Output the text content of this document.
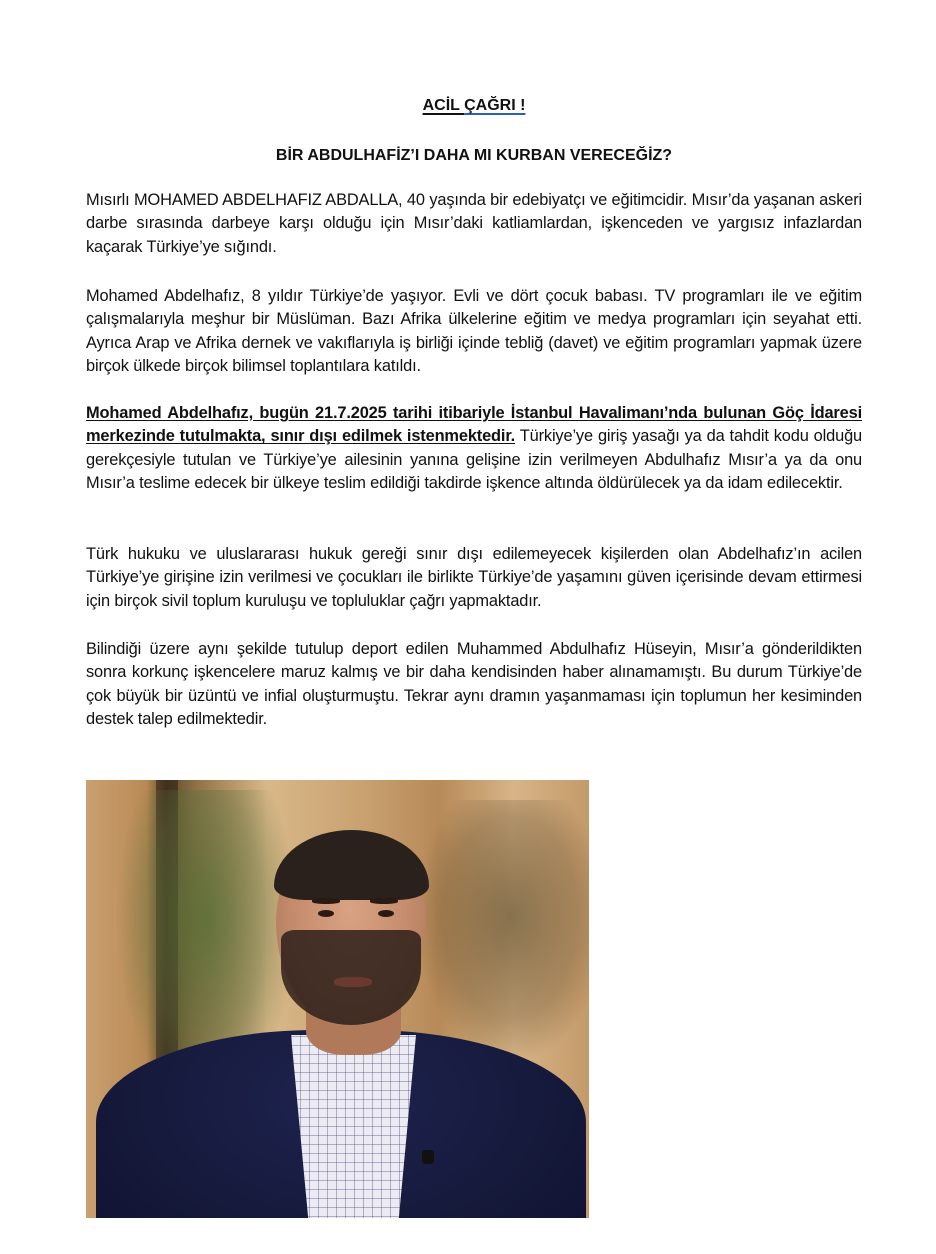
ACİL ÇAĞRI !
BİR ABDULHAFİZ’I DAHA MI KURBAN VERECEĞİZ?

Mısırlı MOHAMED ABDELHAFIZ ABDALLA, 40 yaşında bir edebiyatçı ve eğitimcidir. Mısır’da yaşanan askeri darbe sırasında darbeye karşı olduğu için Mısır’daki katliamlardan, işkenceden ve yargısız infazlardan kaçarak Türkiye’ye sığındı.

Mohamed Abdelhafız, 8 yıldır Türkiye’de yaşıyor. Evli ve dört çocuk babası. TV programları ile ve eğitim çalışmalarıyla meşhur bir Müslüman. Bazı Afrika ülkelerine eğitim ve medya programları için seyahat etti. Ayrıca Arap ve Afrika dernek ve vakıflarıyla iş birliği içinde tebliğ (davet) ve eğitim programları yapmak üzere birçok ülkede birçok bilimsel toplantılara katıldı.

Mohamed Abdelhafız, bugün 21.7.2025 tarihi itibariyle İstanbul Havalimanı’nda bulunan Göç İdaresi merkezinde tutulmakta, sınır dışı edilmek istenmektedir. Türkiye’ye giriş yasağı ya da tahdit kodu olduğu gerekçesiyle tutulan ve Türkiye’ye ailesinin yanına gelişine izin verilmeyen Abdulhafız Mısır’a ya da onu Mısır’a teslime edecek bir ülkeye teslim edildiği takdirde işkence altında öldürülecek ya da idam edilecektir.

Türk hukuku ve uluslararası hukuk gereği sınır dışı edilemeyecek kişilerden olan Abdelhafız’ın acilen Türkiye’ye girişine izin verilmesi ve çocukları ile birlikte Türkiye’de yaşamını güven içerisinde devam ettirmesi için birçok sivil toplum kuruluşu ve topluluklar çağrı yapmaktadır.

Bilindiği üzere aynı şekilde tutulup deport edilen Muhammed Abdulhafız Hüseyin, Mısır’a gönderildikten sonra korkunç işkencelere maruz kalmış ve bir daha kendisinden haber alınamamıştı. Bu durum Türkiye’de çok büyük bir üzüntü ve infial oluşturmuştu. Tekrar aynı dramın yaşanmaması için toplumun her kesiminden destek talep edilmektedir.
